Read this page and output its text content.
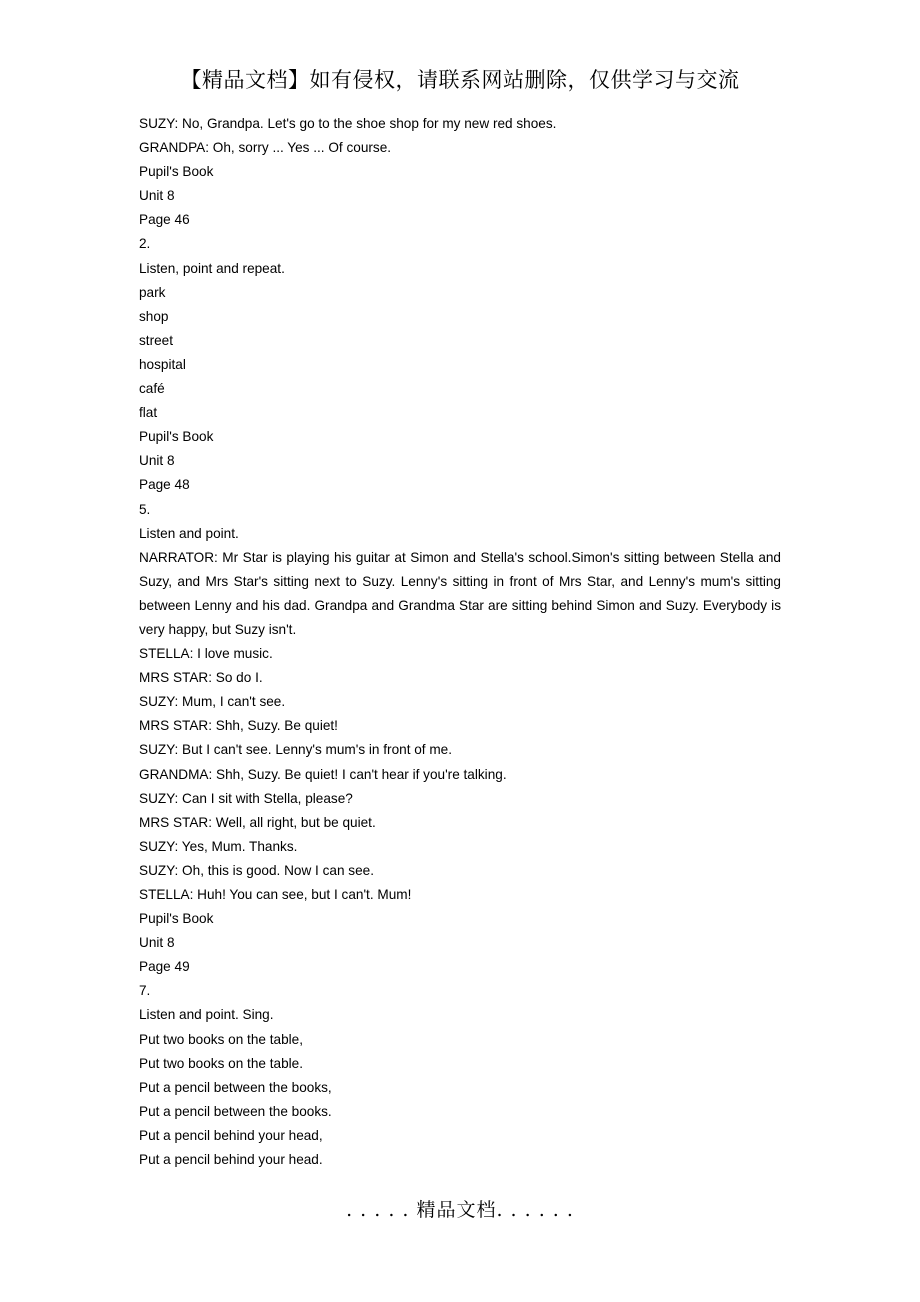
【精品文档】如有侵权，请联系网站删除，仅供学习与交流
SUZY: No, Grandpa. Let's go to the shoe shop for my new red shoes.
GRANDPA: Oh, sorry ... Yes ... Of course.
Pupil's Book
Unit 8
Page 46
2.
Listen, point and repeat.
park
shop
street
hospital
café
flat
Pupil's Book
Unit 8
Page 48
5.
Listen and point.
NARRATOR: Mr Star is playing his guitar at Simon and Stella's school.Simon's sitting between Stella and Suzy, and Mrs Star's sitting next to Suzy. Lenny's sitting in front of Mrs Star, and Lenny's mum's sitting between Lenny and his dad. Grandpa and Grandma Star are sitting behind Simon and Suzy. Everybody is very happy, but Suzy isn't.
STELLA: I love music.
MRS STAR: So do I.
SUZY: Mum, I can't see.
MRS STAR: Shh, Suzy. Be quiet!
SUZY: But I can't see. Lenny's mum's in front of me.
GRANDMA: Shh, Suzy. Be quiet! I can't hear if you're talking.
SUZY: Can I sit with Stella, please?
MRS STAR: Well, all right, but be quiet.
SUZY: Yes, Mum. Thanks.
SUZY: Oh, this is good. Now I can see.
STELLA: Huh! You can see, but I can't. Mum!
Pupil's Book
Unit 8
Page 49
7.
Listen and point. Sing.
Put two books on the table,
Put two books on the table.
Put a pencil between the books,
Put a pencil between the books.
Put a pencil behind your head,
Put a pencil behind your head.
. . . . . 精品文档. . . . . .
